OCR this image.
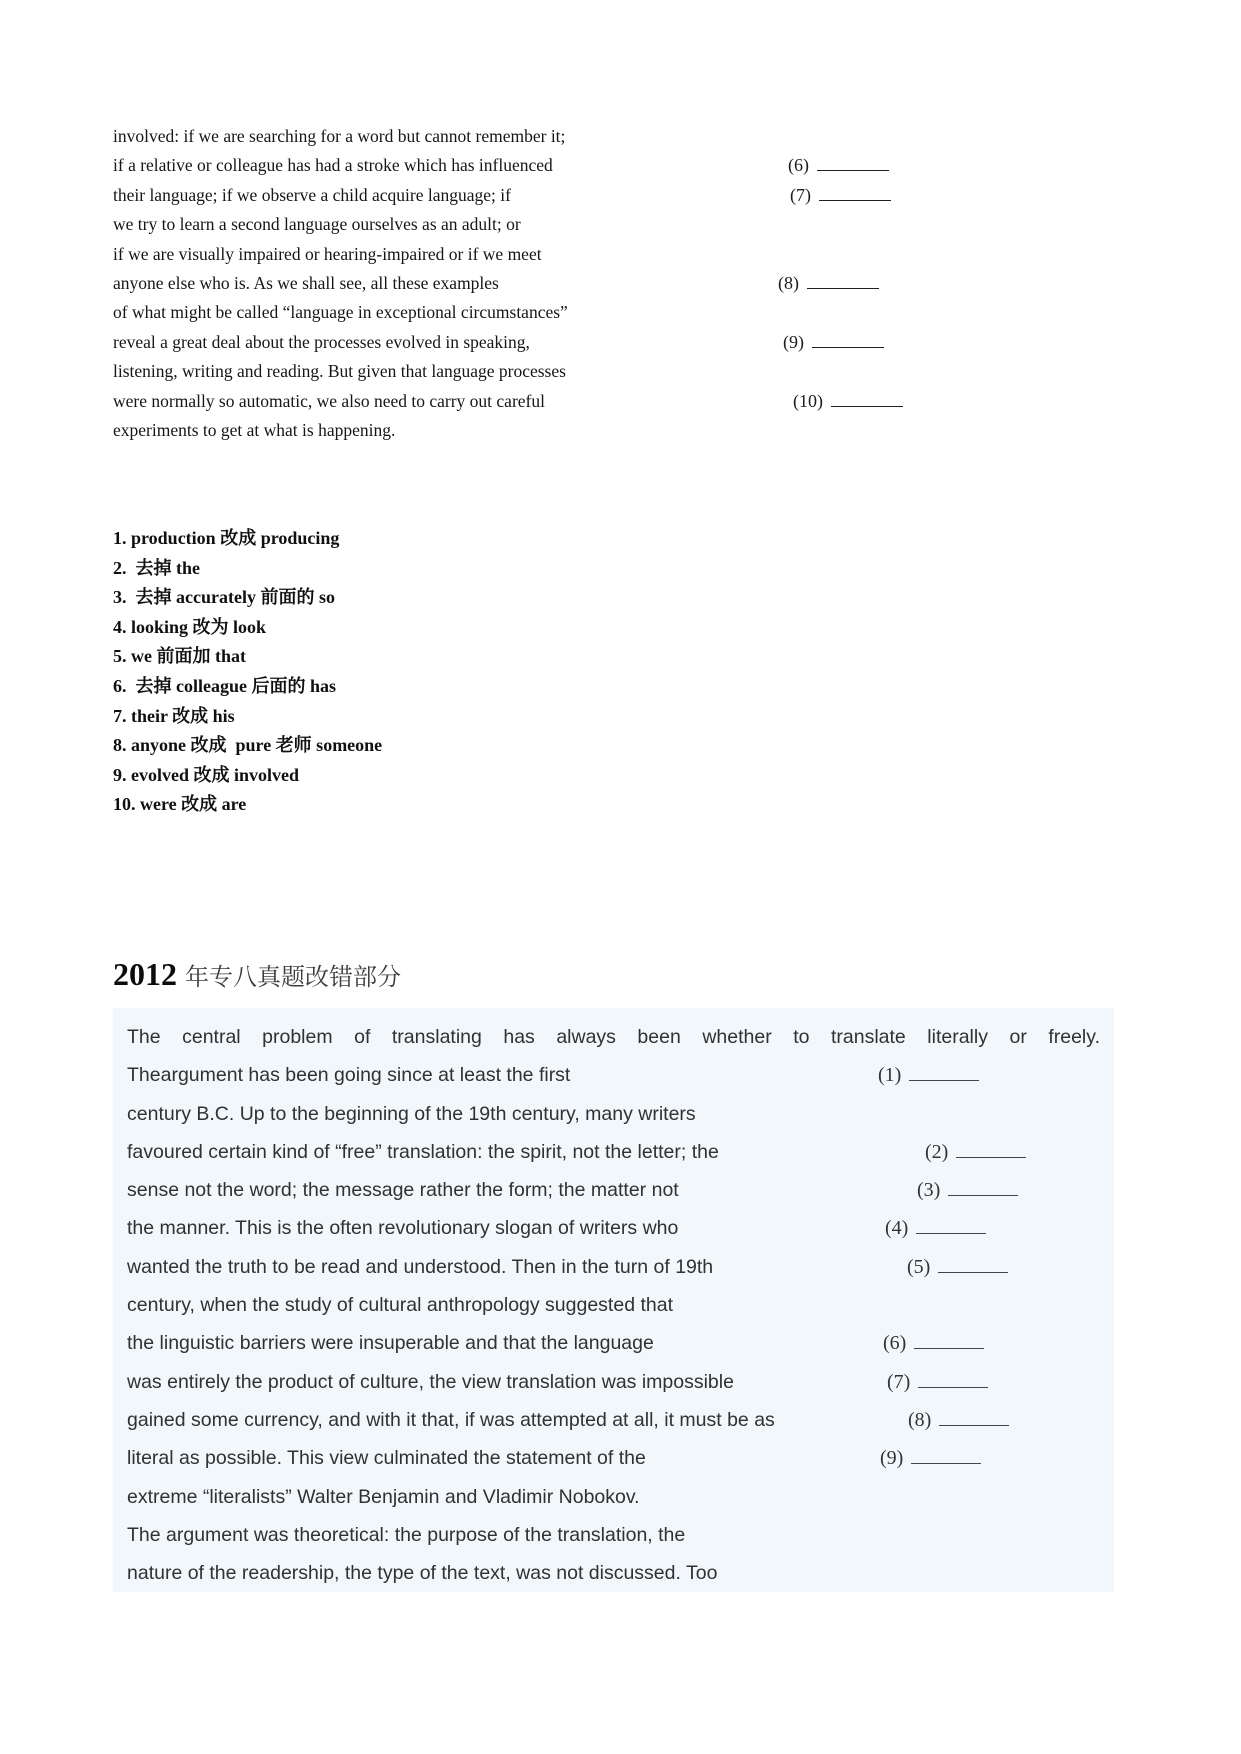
involved: if we are searching for a word but cannot remember it;
if a relative or colleague has had a stroke which has influenced	(6)
their language; if we observe a child acquire language; if	(7)
we try to learn a second language ourselves as an adult; or
if we are visually impaired or hearing-impaired or if we meet
anyone else who is. As we shall see, all these examples	(8)
of what might be called “language in exceptional circumstances”
reveal a great deal about the processes evolved in speaking,	(9)
listening, writing and reading. But given that language processes
were normally so automatic, we also need to carry out careful	(10)
experiments to get at what is happening.
1. production 改成 producing
2.  去掉 the
3.  去掉 accurately 前面的 so
4. looking 改为 look
5. we 前面加 that
6.  去掉 colleague 后面的 has
7. their 改成 his
8. anyone 改成  pure 老师 someone
9. evolved 改成 involved
10. were 改成 are
2012 年专八真题改错部分
The central problem of translating has always been whether to translate literally or freely.
Theargument has been going since at least the first	(1)
century B.C. Up to the beginning of the 19th century, many writers
favoured certain kind of “free” translation: the spirit, not the letter; the	(2)
sense not the word; the message rather the form; the matter not	(3)
the manner. This is the often revolutionary slogan of writers who	(4)
wanted the truth to be read and understood. Then in the turn of 19th	(5)
century, when the study of cultural anthropology suggested that
the linguistic barriers were insuperable and that the language	(6)
was entirely the product of culture, the view translation was impossible	(7)
gained some currency, and with it that, if was attempted at all, it must be as	(8)
literal as possible. This view culminated the statement of the	(9)
extreme “literalists” Walter Benjamin and Vladimir Nobokov.
The argument was theoretical: the purpose of the translation, the
nature of the readership, the type of the text, was not discussed. Too
